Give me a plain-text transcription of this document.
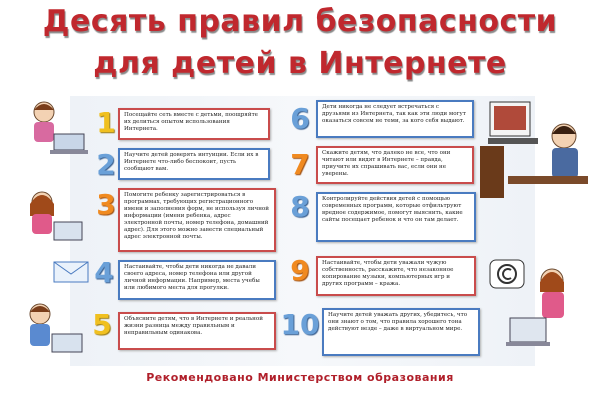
Десять правил безопасности
для детей в Интернете
1
2
3
4
5
Посещайте сеть вместе с детьми, поощряйте их делиться опытом использования Интернета.
Научите детей доверять интуиции. Если их в Интернете что-либо беспокоит, пусть сообщают вам.
Помогите ребенку зарегистрироваться в программах, требующих регистрационного имени и заполнения форм, не используя личной информации (имени ребенка, адрес электронной почты, номер телефона, домашний адрес). Для этого можно завести специальный адрес электронной почты.
Настаивайте, чтобы дети никогда не давали своего адреса, номер телефона или другой личной информации. Например, места учебы или любимого места для прогулки.
Объясните детям, что в Интернете и реальной жизни разница между правильным и неправильным одинакова.
6
7
8
9
10
Дети никогда не следует встречаться с друзьями из Интернета, так как эти люди могут оказаться совсем не теми, за кого себя выдают.
Скажите детям, что далеко не все, что они читают или видят в Интернете – правда, приучите их спрашивать вас, если они не уверены.
Контролируйте действия детей с помощью современных программ, которые отфильтруют вредное содержимое, помогут выяснить, какие сайты посещает ребенок и что он там делает.
Настаивайте, чтобы дети уважали чужую собственность, расскажите, что незаконное копирование музыки, компьютерных игр и других программ – кража.
Научите детей уважать других, убедитесь, что они знают о том, что правила хорошего тона действуют везде – даже в виртуальном мире.
Рекомендовано Министерством образования
